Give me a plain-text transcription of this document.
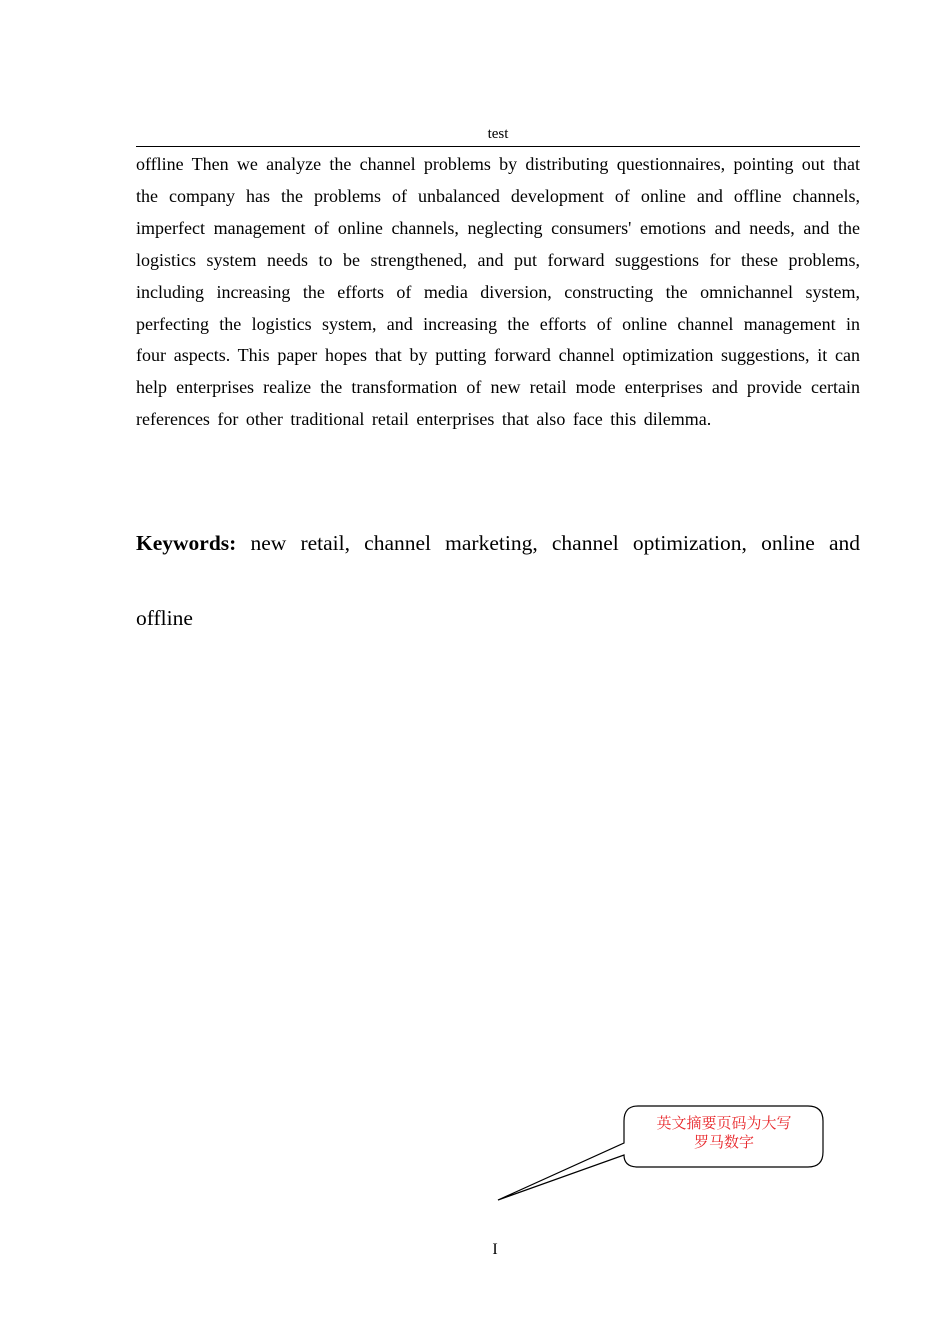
test
offline Then we analyze the channel problems by distributing questionnaires, pointing out that the company has the problems of unbalanced development of online and offline channels, imperfect management of online channels, neglecting consumers' emotions and needs, and the logistics system needs to be strengthened, and put forward suggestions for these problems, including increasing the efforts of media diversion, constructing the omnichannel system, perfecting the logistics system, and increasing the efforts of online channel management in four aspects. This paper hopes that by putting forward channel optimization suggestions, it can help enterprises realize the transformation of new retail mode enterprises and provide certain references for other traditional retail enterprises that also face this dilemma.
Keywords: new retail, channel marketing, channel optimization, online and offline
英文摘要页码为大写
罗马数字
I
